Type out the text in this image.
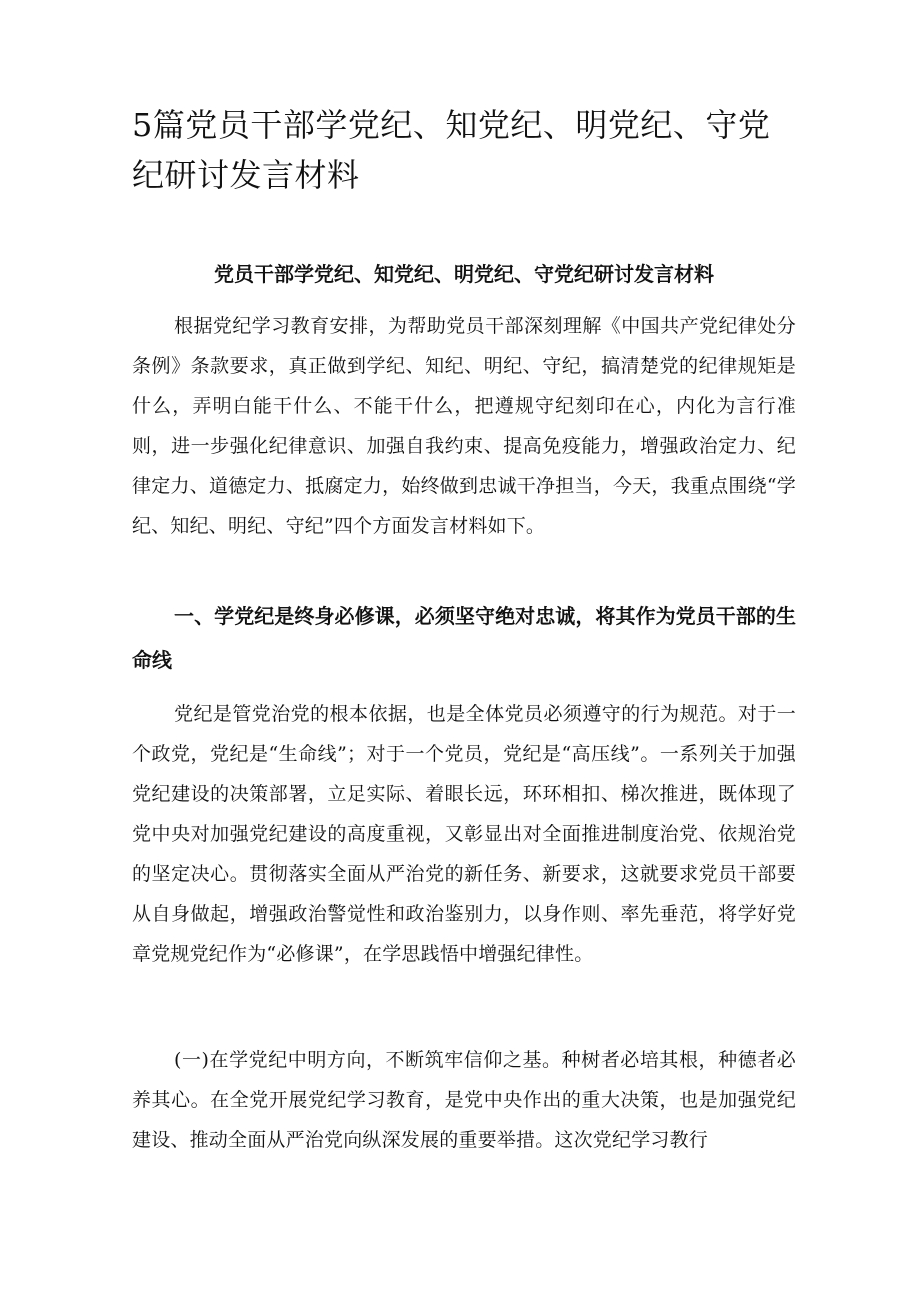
5篇党员干部学党纪、知党纪、明党纪、守党纪研讨发言材料
党员干部学党纪、知党纪、明党纪、守党纪研讨发言材料

根据党纪学习教育安排，为帮助党员干部深刻理解《中国共产党纪律处分条例》条款要求，真正做到学纪、知纪、明纪、守纪，搞清楚党的纪律规矩是什么，弄明白能干什么、不能干什么，把遵规守纪刻印在心，内化为言行准则，进一步强化纪律意识、加强自我约束、提高免疫能力，增强政治定力、纪律定力、道德定力、抵腐定力，始终做到忠诚干净担当，今天，我重点围绕“学纪、知纪、明纪、守纪”四个方面发言材料如下。

一、学党纪是终身必修课，必须坚守绝对忠诚，将其作为党员干部的生命线

党纪是管党治党的根本依据，也是全体党员必须遵守的行为规范。对于一个政党，党纪是“生命线”；对于一个党员，党纪是“高压线”。一系列关于加强党纪建设的决策部署，立足实际、着眼长远，环环相扣、梯次推进，既体现了党中央对加强党纪建设的高度重视，又彰显出对全面推进制度治党、依规治党的坚定决心。贯彻落实全面从严治党的新任务、新要求，这就要求党员干部要从自身做起，增强政治警觉性和政治鉴别力，以身作则、率先垂范，将学好党章党规党纪作为“必修课”，在学思践悟中增强纪律性。

(一)在学党纪中明方向，不断筑牢信仰之基。种树者必培其根，种德者必养其心。在全党开展党纪学习教育，是党中央作出的重大决策，也是加强党纪建设、推动全面从严治党向纵深发展的重要举措。这次党纪学习教行
